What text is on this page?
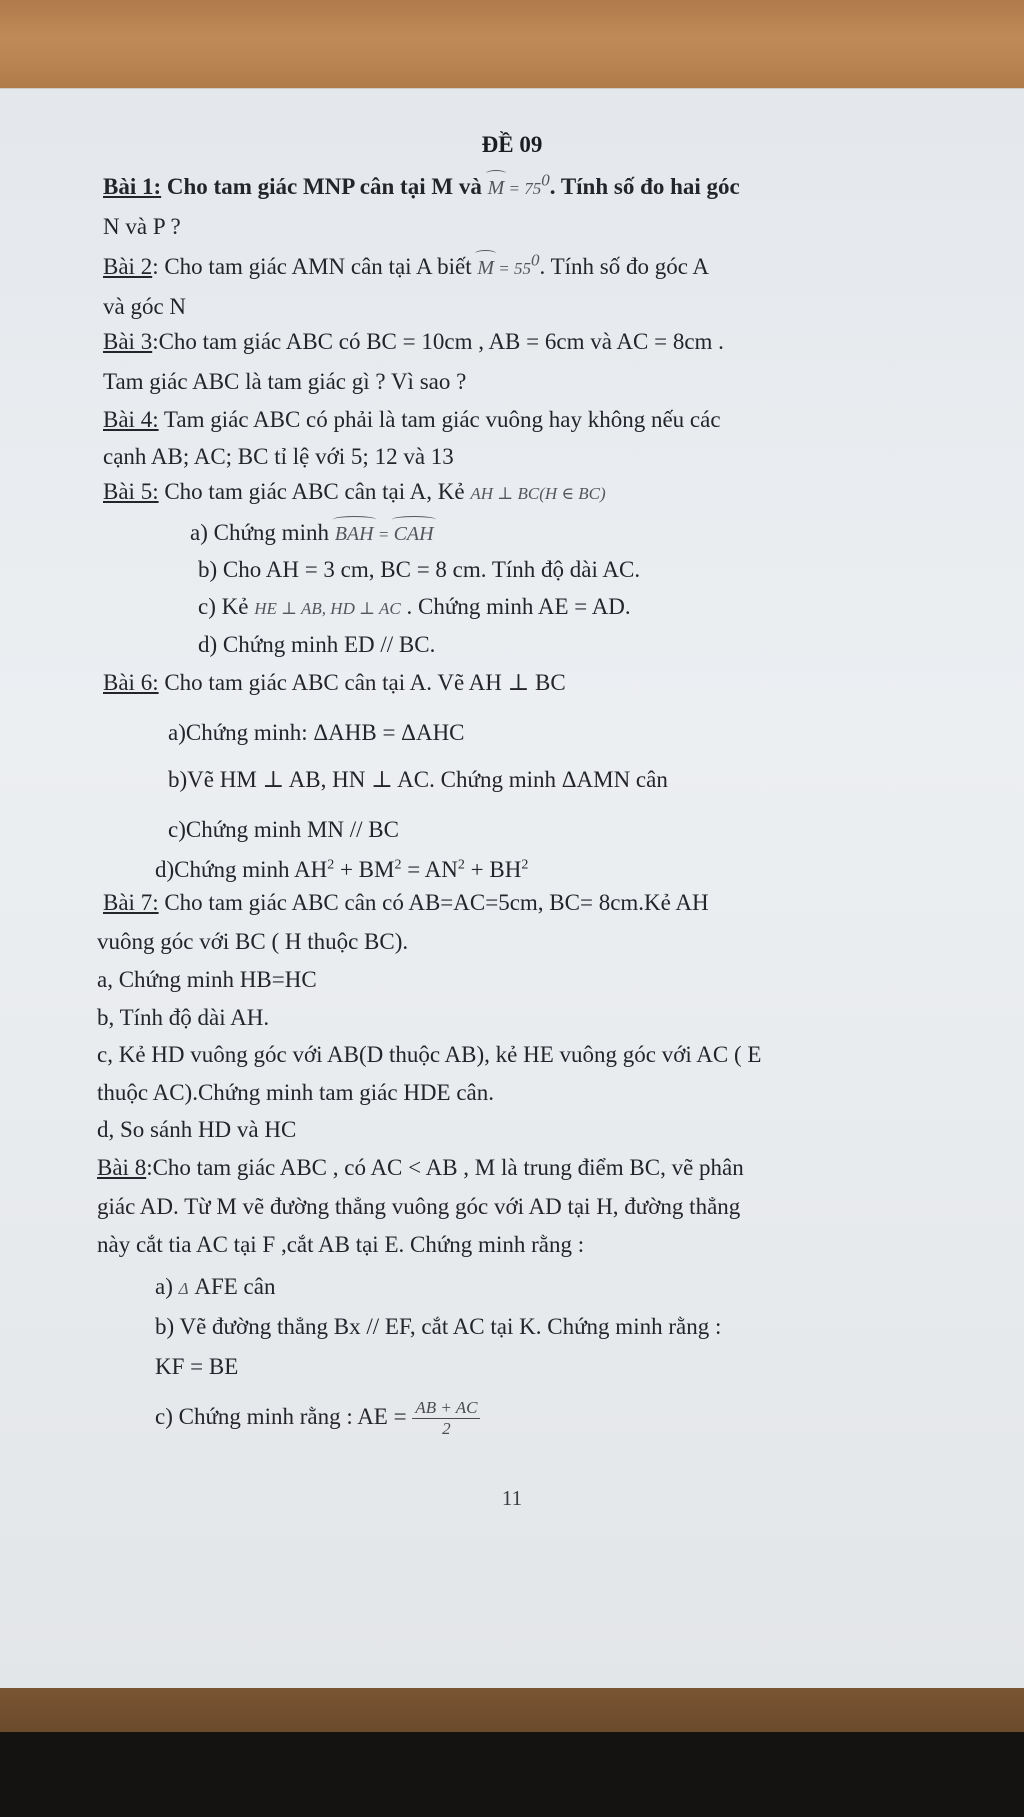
ĐỀ 09
Bài 1: Cho tam giác MNP cân tại M và $M = 75^0$. Tính số đo hai góc
N và P ?
Bài 2: Cho tam giác AMN cân tại A biết $M = 55^0$. Tính số đo góc A
và góc N
Bài 3:Cho tam giác ABC có BC = 10cm , AB = 6cm và AC = 8cm .
Tam giác ABC là tam giác gì ? Vì sao ?
Bài 4: Tam giác ABC có phải là tam giác vuông hay không nếu các
cạnh AB; AC; BC tỉ lệ với 5; 12 và 13
Bài 5: Cho tam giác ABC cân tại A, Kẻ AH ⊥ BC(H ∈ BC)
a) Chứng minh BAH = CAH
b) Cho AH = 3 cm, BC = 8 cm. Tính độ dài AC.
c) Kẻ HE ⊥ AB, HD ⊥ AC . Chứng minh AE = AD.
d) Chứng minh ED // BC.
Bài 6: Cho tam giác ABC cân tại A. Vẽ AH ⊥ BC
a)Chứng minh: ΔAHB = ΔAHC
b)Vẽ HM ⊥ AB, HN ⊥ AC. Chứng minh ΔAMN cân
c)Chứng minh MN // BC
d)Chứng minh $AH^2 + BM^2 = AN^2 + BH^2$
Bài 7: Cho tam giác ABC cân có AB=AC=5cm, BC= 8cm.Kẻ AH
vuông góc với BC ( H thuộc BC).
a, Chứng minh HB=HC
b, Tính độ dài AH.
c, Kẻ HD vuông góc với AB(D thuộc AB), kẻ HE vuông góc với AC ( E
thuộc AC).Chứng minh tam giác HDE cân.
d, So sánh HD và HC
Bài 8:Cho tam giác ABC , có AC < AB , M là trung điểm BC, vẽ phân
giác AD. Từ M vẽ đường thẳng vuông góc với AD tại H, đường thẳng
này cắt tia AC tại F ,cắt AB tại E. Chứng minh rằng :
a) Δ AFE cân
b) Vẽ đường thẳng Bx // EF, cắt AC tại K. Chứng minh rằng :
KF = BE
c) Chứng minh rằng : AE = $\frac{AB + AC}{2}$
11
